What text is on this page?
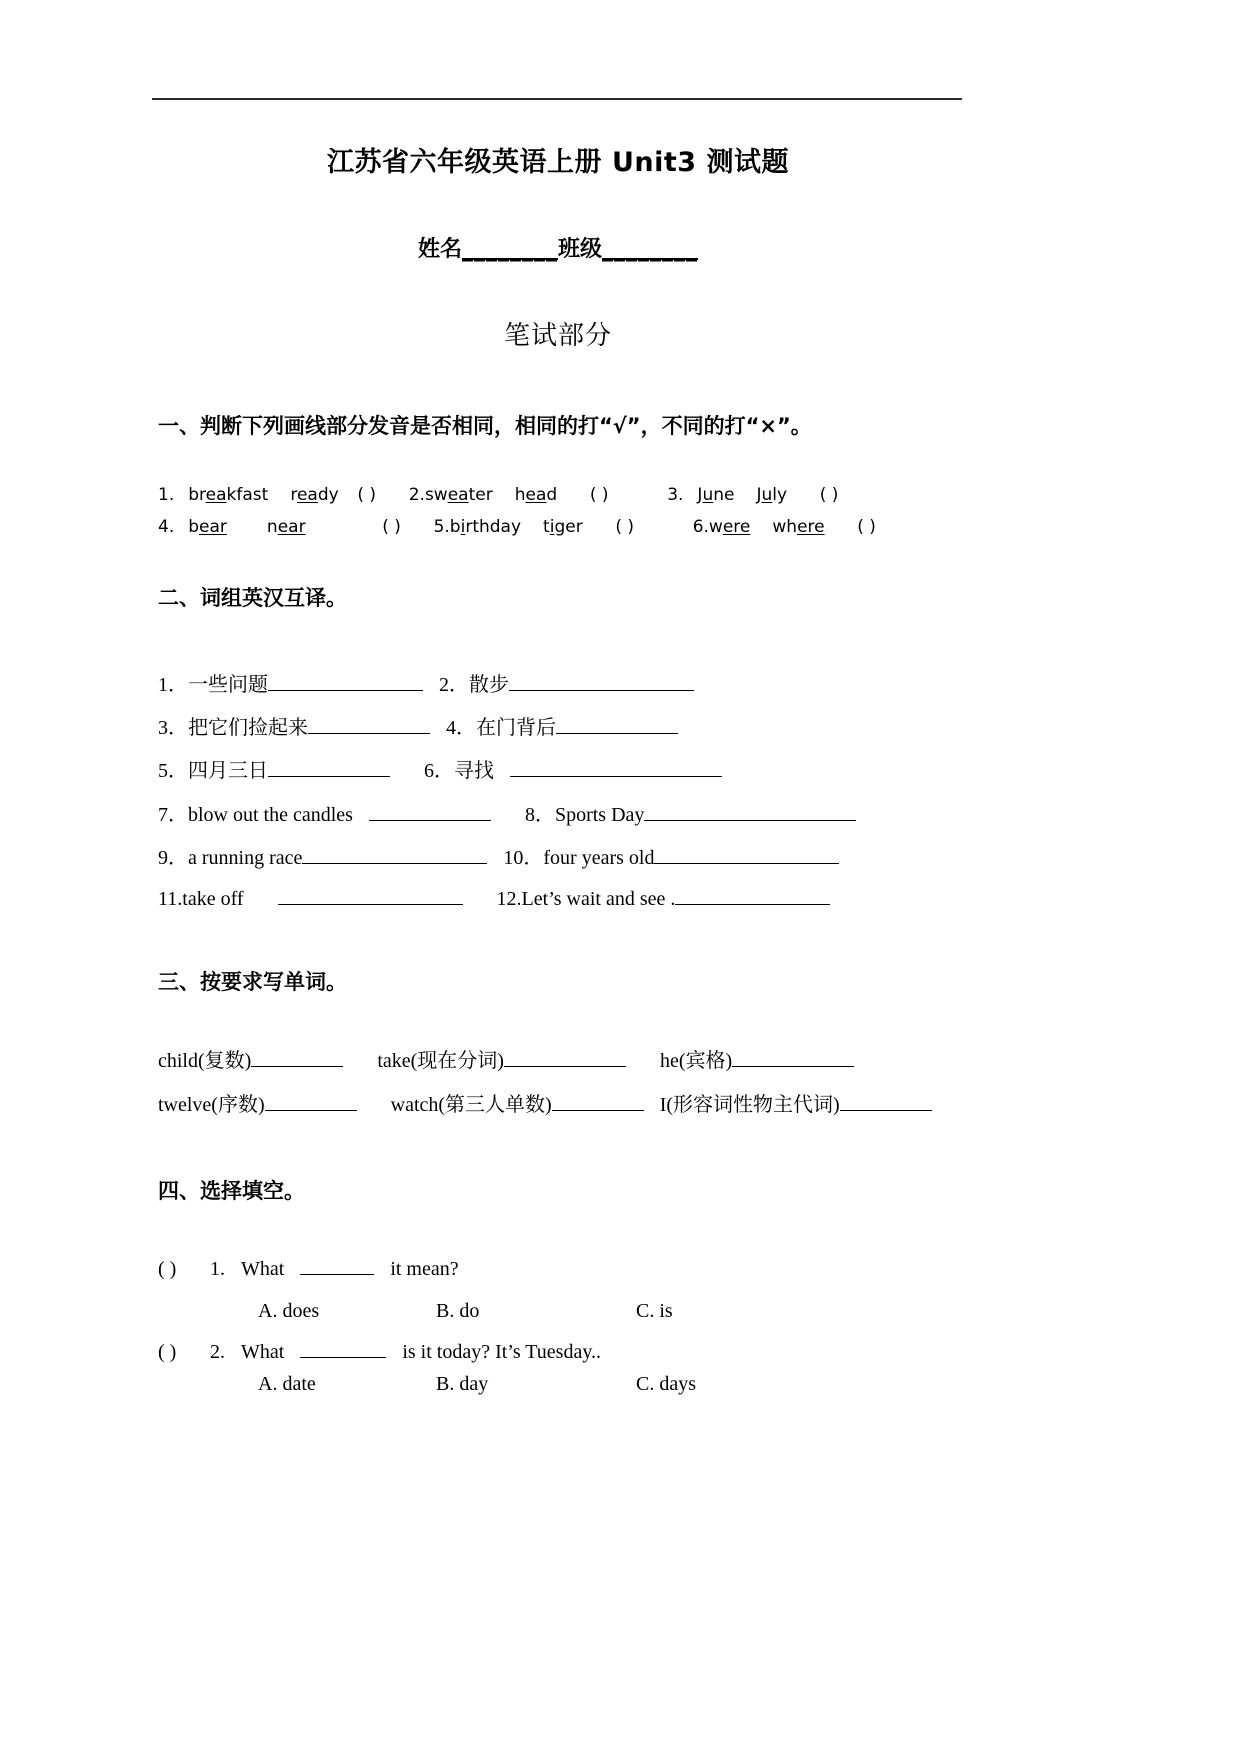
江苏省六年级英语上册 Unit3 测试题
姓名________班级________
笔试部分
一、判断下列画线部分发音是否相同，相同的打“√”，不同的打“×”。
1. breakfast ready ( ) 2.sweater head ( )	3. June July ( )
4. bear near	( ) 5.birthday tiger ( )	6.were where ( )
二、词组英汉互译。
1．一些问题	2．散步
3．把它们捡起来	4．在门背后
5．四月三日	6．寻找
7．blow out the candles	8．Sports Day
9．a running race	10．four years old
11.take off	12.Let’s wait and see .
三、按要求写单词。
child(复数)	take(现在分词)	he(宾格)
twelve(序数)	watch(第三人单数)	I(形容词性物主代词)
四、选择填空。
( ) 1. What	it mean?
A. does	B. do	C. is
( ) 2. What	is it today? It’s Tuesday..
A. date	B. day	C. days
